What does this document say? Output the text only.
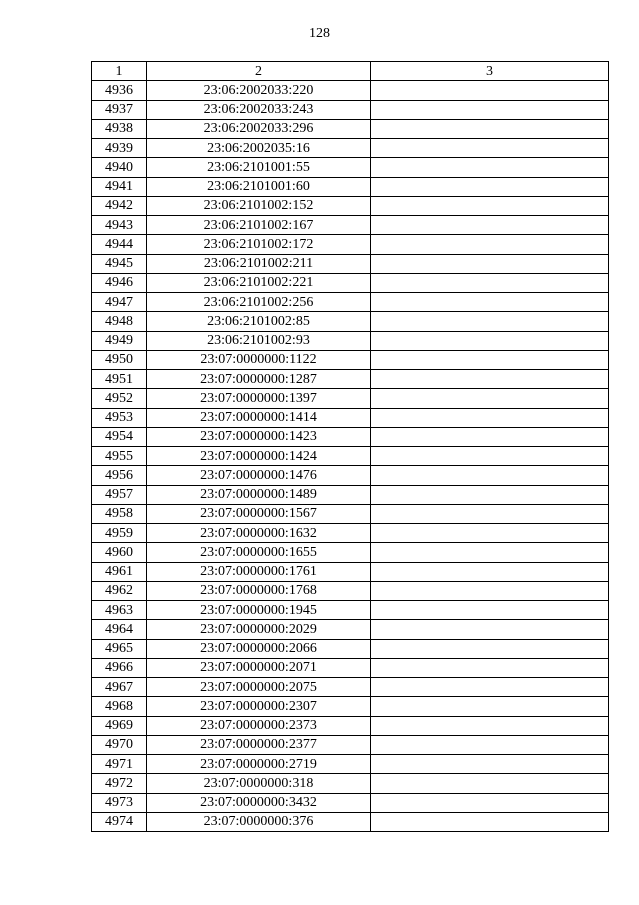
128
1	2	3
4936	23:06:2002033:220	
4937	23:06:2002033:243	
4938	23:06:2002033:296	
4939	23:06:2002035:16	
4940	23:06:2101001:55	
4941	23:06:2101001:60	
4942	23:06:2101002:152	
4943	23:06:2101002:167	
4944	23:06:2101002:172	
4945	23:06:2101002:211	
4946	23:06:2101002:221	
4947	23:06:2101002:256	
4948	23:06:2101002:85	
4949	23:06:2101002:93	
4950	23:07:0000000:1122	
4951	23:07:0000000:1287	
4952	23:07:0000000:1397	
4953	23:07:0000000:1414	
4954	23:07:0000000:1423	
4955	23:07:0000000:1424	
4956	23:07:0000000:1476	
4957	23:07:0000000:1489	
4958	23:07:0000000:1567	
4959	23:07:0000000:1632	
4960	23:07:0000000:1655	
4961	23:07:0000000:1761	
4962	23:07:0000000:1768	
4963	23:07:0000000:1945	
4964	23:07:0000000:2029	
4965	23:07:0000000:2066	
4966	23:07:0000000:2071	
4967	23:07:0000000:2075	
4968	23:07:0000000:2307	
4969	23:07:0000000:2373	
4970	23:07:0000000:2377	
4971	23:07:0000000:2719	
4972	23:07:0000000:318	
4973	23:07:0000000:3432	
4974	23:07:0000000:376	
